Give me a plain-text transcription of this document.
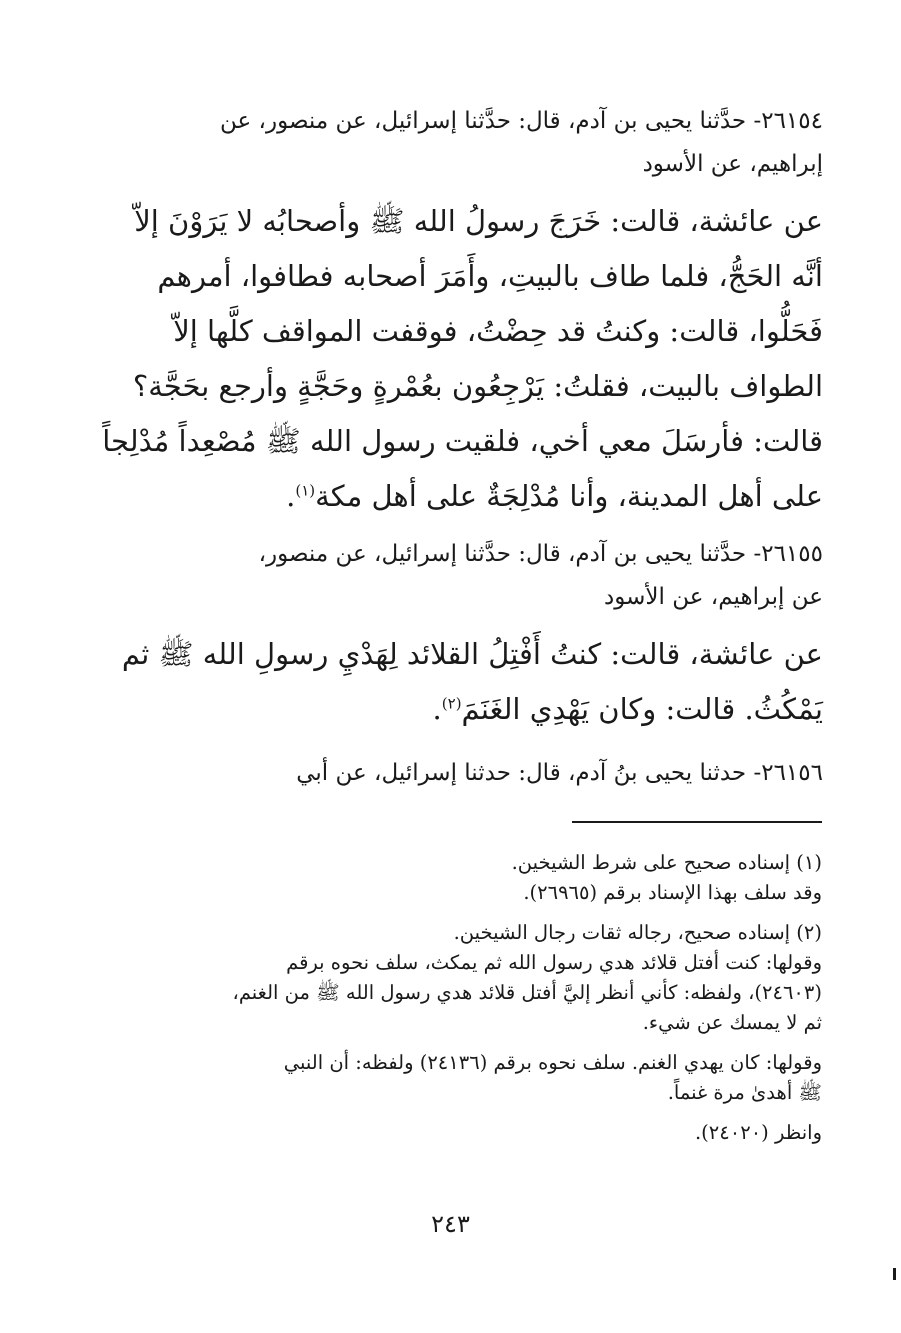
٢٦١٥٤- حدَّثنا يحيى بن آدم، قال: حدَّثنا إسرائيل، عن منصور، عن
إبراهيم، عن الأسود
عن عائشة، قالت: خَرَجَ رسولُ الله ﷺ وأصحابُه لا يَرَوْنَ إلاّ
أنَّه الحَجُّ، فلما طاف بالبيتِ، وأَمَرَ أصحابه فطافوا، أمرهم
فَحَلُّوا، قالت: وكنتُ قد حِضْتُ، فوقفت المواقف كلَّها إلاّ
الطواف بالبيت، فقلتُ: يَرْجِعُون بعُمْرةٍ وحَجَّةٍ وأرجع بحَجَّة؟
قالت: فأرسَلَ معي أخي، فلقيت رسول الله ﷺ مُصْعِداً مُدْلِجاً
على أهل المدينة، وأنا مُدْلِجَةٌ على أهل مكة$^{(١)}$.
٢٦١٥٥- حدَّثنا يحيى بن آدم، قال: حدَّثنا إسرائيل، عن منصور،
عن إبراهيم، عن الأسود
عن عائشة، قالت: كنتُ أَفْتِلُ القلائد لِهَدْيِ رسولِ الله ﷺ ثم
يَمْكُثُ. قالت: وكان يَهْدِي الغَنَمَ$^{(٢)}$.
٢٦١٥٦- حدثنا يحيى بنُ آدم، قال: حدثنا إسرائيل، عن أبي

(١) إسناده صحيح على شرط الشيخين.

وقد سلف بهذا الإسناد برقم (٢٦٩٦٥).

(٢) إسناده صحيح، رجاله ثقات رجال الشيخين.

وقولها: كنت أفتل قلائد هدي رسول الله ثم يمكث، سلف نحوه برقم
(٢٤٦٠٣)، ولفظه: كأني أنظر إليَّ أفتل قلائد هدي رسول الله ﷺ من الغنم،
ثم لا يمسك عن شيء.

وقولها: كان يهدي الغنم. سلف نحوه برقم (٢٤١٣٦) ولفظه: أن النبي
ﷺ أهدىٰ مرة غنماً.

وانظر (٢٤٠٢٠).

٢٤٣
